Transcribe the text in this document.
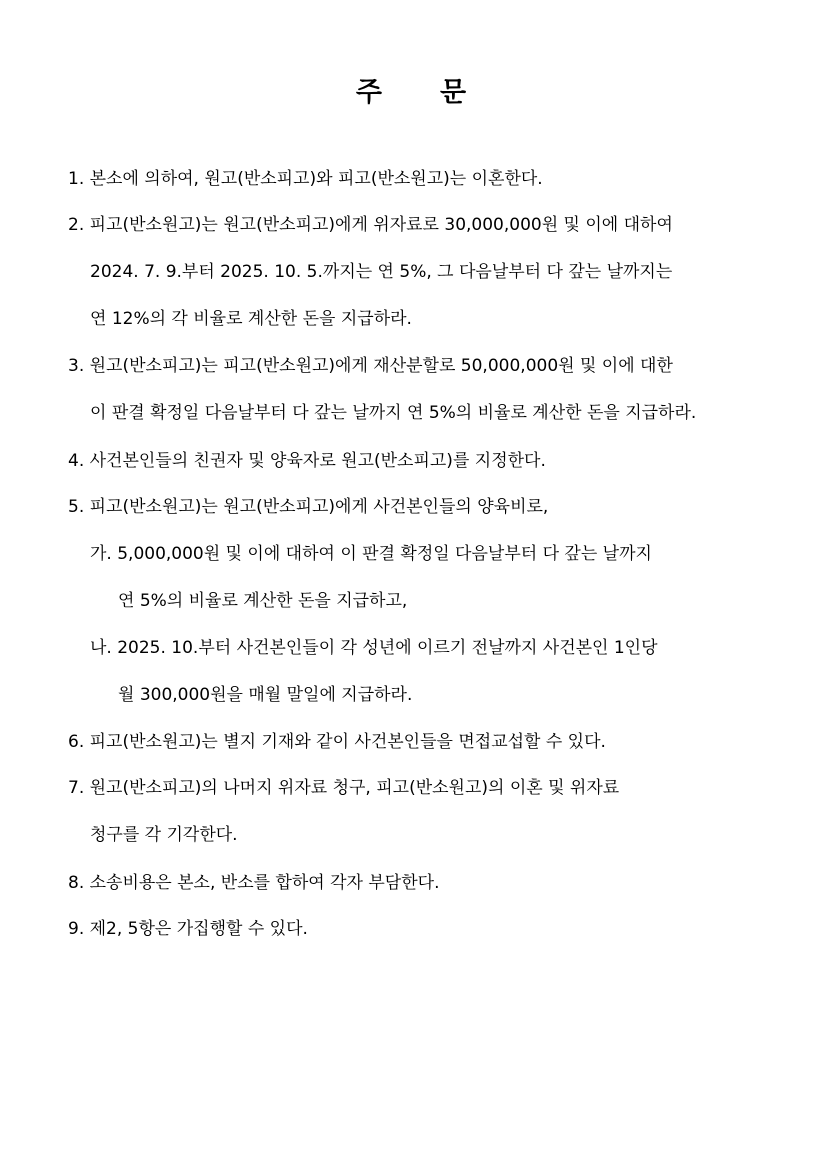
주 문
1. 본소에 의하여, 원고(반소피고)와 피고(반소원고)는 이혼한다.
2. 피고(반소원고)는 원고(반소피고)에게 위자료로 30,000,000원 및 이에 대하여
2024. 7. 9.부터 2025. 10. 5.까지는 연 5%, 그 다음날부터 다 갚는 날까지는
연 12%의 각 비율로 계산한 돈을 지급하라.
3. 원고(반소피고)는 피고(반소원고)에게 재산분할로 50,000,000원 및 이에 대한
이 판결 확정일 다음날부터 다 갚는 날까지 연 5%의 비율로 계산한 돈을 지급하라.
4. 사건본인들의 친권자 및 양육자로 원고(반소피고)를 지정한다.
5. 피고(반소원고)는 원고(반소피고)에게 사건본인들의 양육비로,
가. 5,000,000원 및 이에 대하여 이 판결 확정일 다음날부터 다 갚는 날까지
연 5%의 비율로 계산한 돈을 지급하고,
나. 2025. 10.부터 사건본인들이 각 성년에 이르기 전날까지 사건본인 1인당
월 300,000원을 매월 말일에 지급하라.
6. 피고(반소원고)는 별지 기재와 같이 사건본인들을 면접교섭할 수 있다.
7. 원고(반소피고)의 나머지 위자료 청구, 피고(반소원고)의 이혼 및 위자료
청구를 각 기각한다.
8. 소송비용은 본소, 반소를 합하여 각자 부담한다.
9. 제2, 5항은 가집행할 수 있다.
